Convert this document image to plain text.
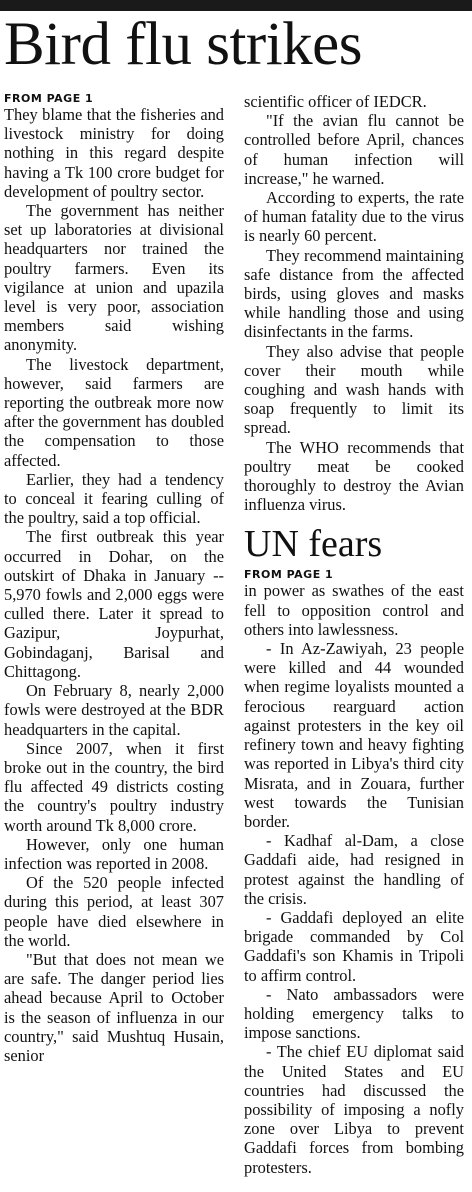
Bird flu strikes
FROM PAGE 1

They blame that the fisheries and livestock ministry for doing nothing in this regard despite having a Tk 100 crore budget for development of poultry sector.

The government has neither set up laboratories at divisional headquarters nor trained the poultry farmers. Even its vigilance at union and upazila level is very poor, association members said wishing anonymity.

The livestock department, however, said farmers are reporting the outbreak more now after the government has doubled the compensation to those affected.

Earlier, they had a tendency to conceal it fearing culling of the poultry, said a top official.

The first outbreak this year occurred in Dohar, on the outskirt of Dhaka in January -- 5,970 fowls and 2,000 eggs were culled there. Later it spread to Gazipur, Joypurhat, Gobindaganj, Barisal and Chittagong.

On February 8, nearly 2,000 fowls were destroyed at the BDR headquarters in the capital.

Since 2007, when it first broke out in the country, the bird flu affected 49 districts costing the country's poultry industry worth around Tk 8,000 crore.

However, only one human infection was reported in 2008.

Of the 520 people infected during this period, at least 307 people have died elsewhere in the world.

"But that does not mean we are safe. The danger period lies ahead because April to October is the season of influenza in our country," said Mushtuq Husain, senior

scientific officer of IEDCR.

"If the avian flu cannot be controlled before April, chances of human infection will increase," he warned.

According to experts, the rate of human fatality due to the virus is nearly 60 percent.

They recommend maintaining safe distance from the affected birds, using gloves and masks while handling those and using disinfectants in the farms.

They also advise that people cover their mouth while coughing and wash hands with soap frequently to limit its spread.

The WHO recommends that poultry meat be cooked thoroughly to destroy the Avian influenza virus.

UN fears
FROM PAGE 1

in power as swathes of the east fell to opposition control and others into lawlessness.

- In Az-Zawiyah, 23 people were killed and 44 wounded when regime loyalists mounted a ferocious rearguard action against protesters in the key oil refinery town and heavy fighting was reported in Libya's third city Misrata, and in Zouara, further west towards the Tunisian border.

- Kadhaf al-Dam, a close Gaddafi aide, had resigned in protest against the handling of the crisis.

- Gaddafi deployed an elite brigade commanded by Col Gaddafi's son Khamis in Tripoli to affirm control.

- Nato ambassadors were holding emergency talks to impose sanctions.

- The chief EU diplomat said the United States and EU countries had discussed the possibility of imposing a nofly zone over Libya to prevent Gaddafi forces from bombing protesters.
